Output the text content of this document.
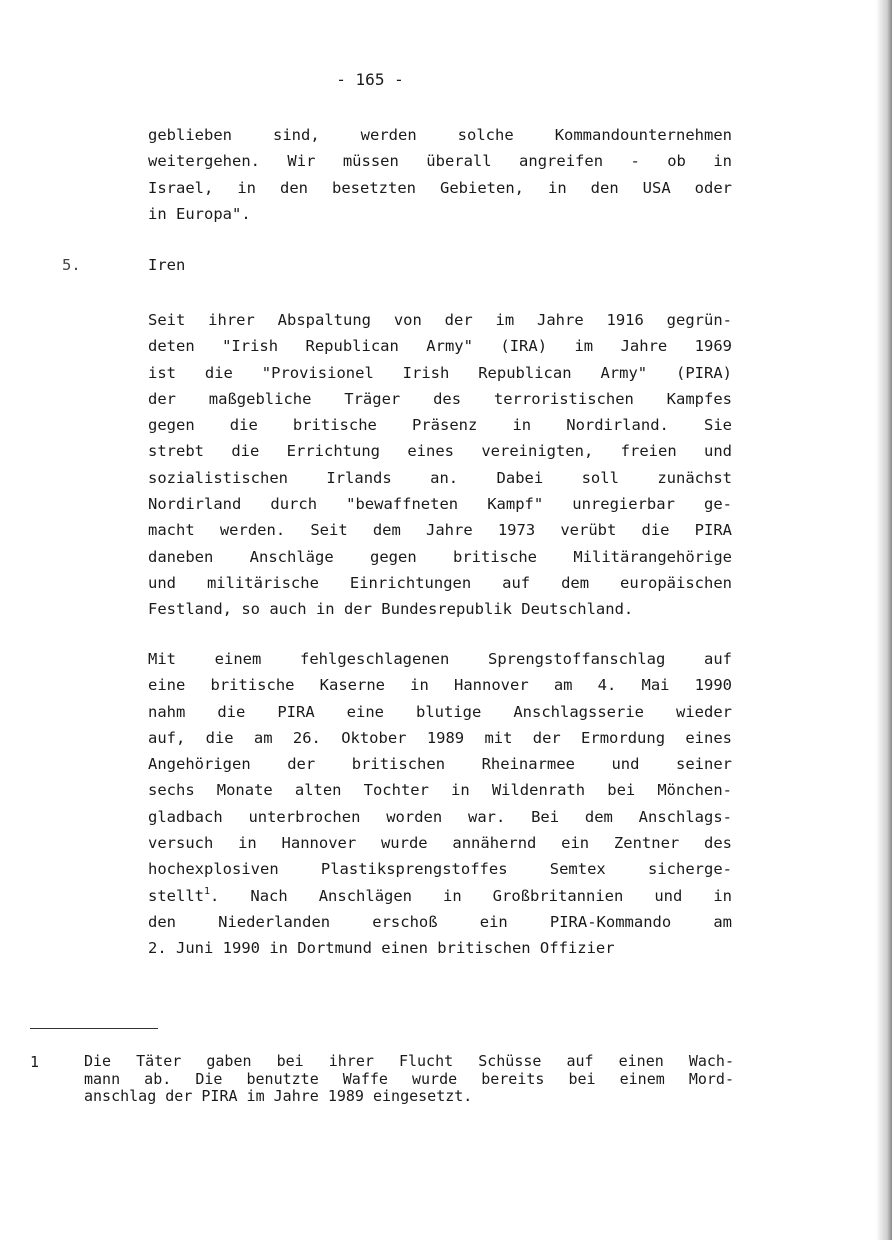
- 165 -
geblieben sind, werden solche Kommandounternehmen
weitergehen. Wir müssen überall angreifen - ob in
Israel, in den besetzten Gebieten, in den USA oder
in Europa".
5.	Iren
Seit ihrer Abspaltung von der im Jahre 1916 gegrün-
deten "Irish Republican Army" (IRA) im Jahre 1969
ist die "Provisionel Irish Republican Army" (PIRA)
der maßgebliche Träger des terroristischen Kampfes
gegen die britische Präsenz in Nordirland. Sie
strebt die Errichtung eines vereinigten, freien und
sozialistischen Irlands an. Dabei soll zunächst
Nordirland durch "bewaffneten Kampf" unregierbar ge-
macht werden. Seit dem Jahre 1973 verübt die PIRA
daneben Anschläge gegen britische Militärangehörige
und militärische Einrichtungen auf dem europäischen
Festland, so auch in der Bundesrepublik Deutschland.
Mit einem fehlgeschlagenen Sprengstoffanschlag auf
eine britische Kaserne in Hannover am 4. Mai 1990
nahm die PIRA eine blutige Anschlagsserie wieder
auf, die am 26. Oktober 1989 mit der Ermordung eines
Angehörigen der britischen Rheinarmee und seiner
sechs Monate alten Tochter in Wildenrath bei Mönchen-
gladbach unterbrochen worden war. Bei dem Anschlags-
versuch in Hannover wurde annähernd ein Zentner des
hochexplosiven Plastiksprengstoffes Semtex sicherge-
stellt$^1$. Nach Anschlägen in Großbritannien und in
den Niederlanden erschoß ein PIRA-Kommando am
2. Juni 1990 in Dortmund einen britischen Offizier
1	Die Täter gaben bei ihrer Flucht Schüsse auf einen Wach-
mann ab. Die benutzte Waffe wurde bereits bei einem Mord-
anschlag der PIRA im Jahre 1989 eingesetzt.
